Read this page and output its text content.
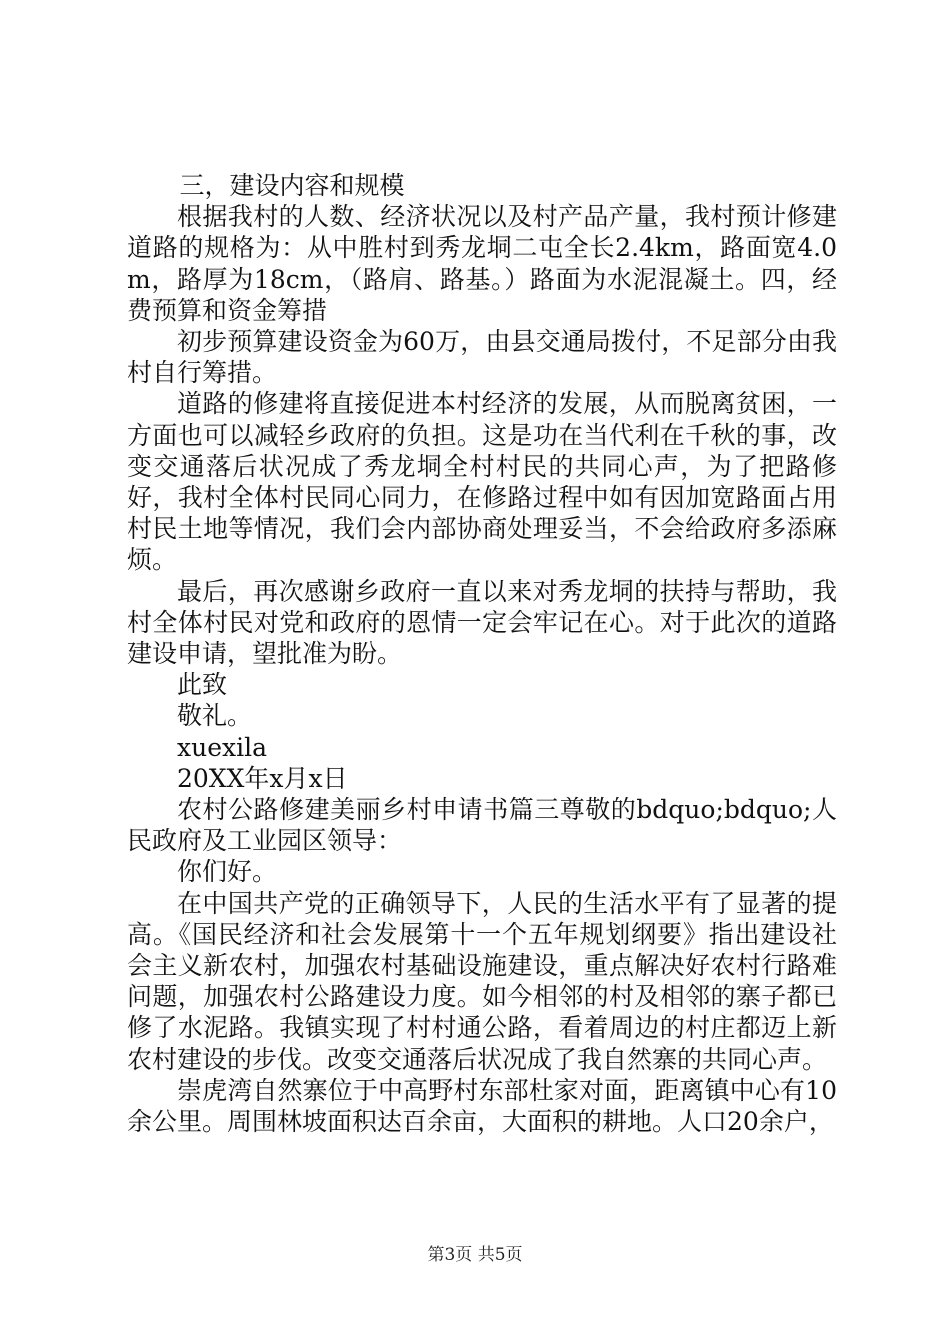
三，建设内容和规模

根据我村的人数、经济状况以及村产品产量，我村预计修建道路的规格为：从中胜村到秀龙垌二屯全长2.4km，路面宽4.0m，路厚为18cm，（路肩、路基。）路面为水泥混凝土。四，经费预算和资金筹措

初步预算建设资金为60万，由县交通局拨付，不足部分由我村自行筹措。

道路的修建将直接促进本村经济的发展，从而脱离贫困，一方面也可以减轻乡政府的负担。这是功在当代利在千秋的事，改变交通落后状况成了秀龙垌全村村民的共同心声，为了把路修好，我村全体村民同心同力，在修路过程中如有因加宽路面占用村民土地等情况，我们会内部协商处理妥当，不会给政府多添麻烦。

最后，再次感谢乡政府一直以来对秀龙垌的扶持与帮助，我村全体村民对党和政府的恩情一定会牢记在心。对于此次的道路建设申请，望批准为盼。

此致

敬礼。

xuexila

20XX年x月x日

农村公路修建美丽乡村申请书篇三尊敬的bdquo;bdquo;人民政府及工业园区领导：

你们好。

在中国共产党的正确领导下，人民的生活水平有了显著的提高。《国民经济和社会发展第十一个五年规划纲要》指出建设社会主义新农村，加强农村基础设施建设，重点解决好农村行路难问题，加强农村公路建设力度。如今相邻的村及相邻的寨子都已修了水泥路。我镇实现了村村通公路，看着周边的村庄都迈上新农村建设的步伐。改变交通落后状况成了我自然寨的共同心声。

崇虎湾自然寨位于中高野村东部杜家对面，距离镇中心有10余公里。周围林坡面积达百余亩，大面积的耕地。人口20余户，

第3页 共5页
